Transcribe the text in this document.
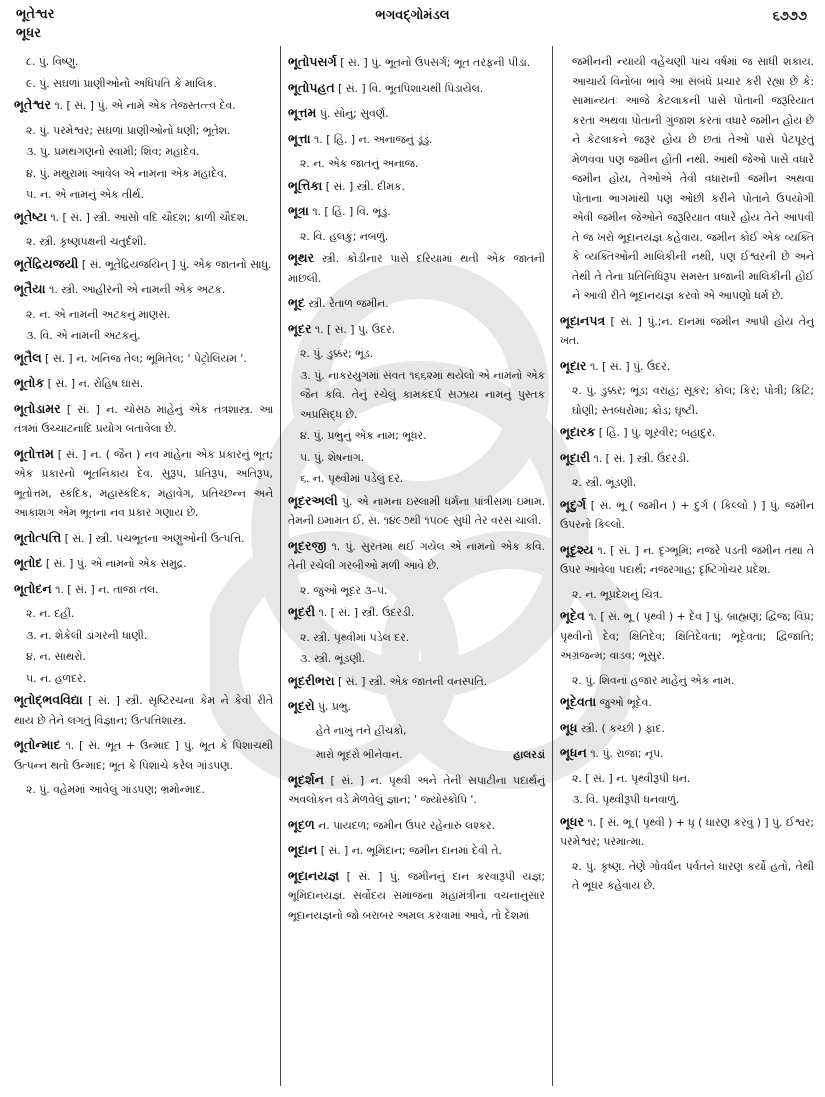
ભૂતેશ્વર
ભૂધર
ભગવદ્ગોમંડલ	૬૭૭૭
૮. પું. વિષ્ણુ.
૯. પું. સઘળાં પ્રાણીઓનો અધિપતિ કે માલિક.
ભૂતેશ્વર ૧. [ સં. ] પું. એ નામે એક તેજસ્તત્ત્વ દેવ.
૨. પું. પરમેશ્વર; સઘળાં પ્રાણીઓનો ધણી; ભૂતેશ.
૩. પું. પ્રમથગણનો સ્વામી; શિવ; મહાદેવ.
૪. પું. મથુરામાં આવેલ એ નામના એક મહાદેવ.
૫. ન. એ નામનું એક તીર્થ.
ભૂતેષ્ટા ૧. [ સં. ] સ્ત્રી. આસો વદિ ચૌદશ; કાળી ચૌદશ.
૨. સ્ત્રી. કૃષ્ણપક્ષની ચતુર્દશી.
ભૂતેંદ્રિયજયી [ સં. ભૂતેંદ્રિયજયિન્ ] પું. એક જાતનો સાધુ.
ભૂતૈયા ૧. સ્ત્રી. આહીરની એ નામની એક અટક.
૨. ન. એ નામની અટકનું માણસ.
૩. વિ. એ નામની અટકનું.
ભૂતૈલ [ સં. ] ન. ખનિજ તેલ; ભૂમિતેલ; ' પેટ્રોલિયમ '.
ભૂતોક [ સં. ] ન. રોહિષ ઘાસ.
ભૂતોડામર [ સં. ] ન. ચોસઠ માંહેનું એક તંત્રશાસ્ત્ર. આ તંત્રમાં ઉચ્ચાટનાદિ પ્રયોગ બતાવેલા છે.
ભૂતોત્તમ [ સં. ] ન. ( જૈન ) નવ માંહેના એક પ્રકારનું ભૂત; એક પ્રકારનો ભૂતનિકાય દેવ. સુરૂપ, પ્રતિરૂપ, અતિરૂપ, ભૂતોત્તમ, સ્કંદિક, મહાસ્કંદિક, મહાવેગ, પ્રતિચ્છન્ન અને આકાશગ એમ ભૂતના નવ પ્રકાર ગણાય છે.
ભૂતોત્પત્તિ [ સં. ] સ્ત્રી. પંચભૂતના અણુઓની ઉત્પત્તિ.
ભૂતોદ [ સં. ] પું. એ નામનો એક સમુદ્ર.
ભૂતોદન ૧. [ સં. ] ન. તાજા તલ.
૨. ન. દહીં.
૩. ન. શેકેલી ડાંગરની ધાણી.
૪. ન. સાથરો.
૫. ન. હળદર.
ભૂતોદ્ભવવિદ્યા [ સં. ] સ્ત્રી. સૃષ્ટિરચના કેમ ને કેવી રીતે થાય છે તેને લગતું વિજ્ઞાન; ઉત્પત્તિશાસ્ત્ર.
ભૂતોન્માદ ૧. [ સં. ભૂત + ઉન્માદ ] પું. ભૂત કે પિશાચથી ઉત્પન્ન થતો ઉન્માદ; ભૂત કે પિશાચે કરેલ ગાંડપણ.
૨. પું. વહેમમાં આવેલું ગાંડપણ; ભ્રમોન્માદ.
ભૂતોપસર્ગ [ સં. ] પું. ભૂતનો ઉપસર્ગ; ભૂત તરફની પીડા.
ભૂતોપહત [ સં. ] વિ. ભૂતપિશાચથી પિડાયેલ.
ભૂત્તમ પું. સોનું; સુવર્ણ.
ભૂત્તા ૧. [ હિં. ] ન. અનાજનું ડૂંડું.
૨. ન. એક જાતનું અનાજ.
ભૂત્તિકા [ સં. ] સ્ત્રી. દીમક.
ભૂત્રા ૧. [ હિં. ] વિ. ભૂંડું.
૨. વિ. હલકું; નબળું.
ભૂથર સ્ત્રી. કોડીનાર પાસે દરિયામાં થતી એક જાતની માછલી.
ભૂદ સ્ત્રી. રેતાળ જમીન.
ભૂદર ૧. [ સં. ] પું. ઉદર.
૨. પું. ડુક્કર; ભૂંડ.
૩. પું. નાકરયુગમાં સંવત ૧૬૬૨માં થયેલો એ નામનો એક જૈન કવિ. તેનું રચેલું કામકંદર્પ સઝાય નામનું પુસ્તક અપ્રસિદ્ધ છે.
૪. પું. પ્રભુનું એક નામ; ભૂધર.
૫. પું. શેષનાગ.
૬. ન. પૃથ્વીમાં પડેલું દર.
ભૂદરઅલી પું. એ નામના ઇસ્લામી ધર્મના પાંત્રીસમા ઇમામ. તેમની ઇમામત ઈ. સ. ૧૪૯૭થી ૧૫૦૯ સુધી તેર વરસ ચાલી.
ભૂદરજી ૧. પું. સુરતમાં થઈ ગયેલ એ નામનો એક કવિ. તેની રચેલી ગરબીઓ મળી આવે છે.
૨. જુઓ ભૂદર ૩–૫.
ભૂદરી ૧. [ સં. ] સ્ત્રી. ઉંદરડી.
૨. સ્ત્રી. પૃથ્વીમાં પડેલ દર.
૩. સ્ત્રી. ભૂંડણી.
ભૂદરીભરા [ સં. ] સ્ત્રી. એક જાતની વનસ્પતિ.
ભૂદરો પું. પ્રભુ.
હેતે નાખું તને હીંચકો,
મારો ભૂદરો ભીનેવાન.	હાલરડાં
ભૂદર્શન [ સં. ] ન. પૃથ્વી અને તેની સપાટીના પદાર્થનું અવલોકન વડે મેળવેલું જ્ઞાન; ' જ્યોસ્કોપિ '.
ભૂદળ ન. પાયદળ; જમીન ઉપર રહેનારું લશ્કર.
ભૂદાન [ સં. ] ન. ભૂમિદાન; જમીન દાનમાં દેવી તે.
ભૂદાનયજ્ઞ [ સં. ] પું. જમીનનું દાન કરવારૂપી યજ્ઞ; ભૂમિદાનયજ્ઞ. સર્વોદય સમાજના મહામંત્રીના વચનાનુસાર ભૂદાનયજ્ઞનો જો બરાબર અમલ કરવામાં આવે, તો દેશમાં
જમીનની ન્યાયી વહેંચણી પાંચ વર્ષમાં જ સાધી શકાય. આચાર્ય વિનોબા ભાવે આ સંબંધે પ્રચાર કરી રહ્યા છે કે: સામાન્યતઃ આજે કેટલાકની પાસે પોતાની જરૂરિયાત કરતાં અથવા પોતાની ગુંજાશ કરતાં વધારે જમીન હોય છે ને કેટલાકને જરૂર હોય છે છતાં તેઓ પાસે પેટપૂરતું મેળવવા પણ જમીન હોતી નથી. આથી જેઓ પાસે વધારે જમીન હોય, તેઓએ તેવી વધારાની જમીન અથવા પોતાના ભાગમાંથી પણ ઓછી કરીને પોતાને ઉપયોગી એવી જમીન જેઓને જરૂરિયાત વધારે હોય તેને આપવી તે જ ખરો ભૂદાનયજ્ઞ કહેવાય. જમીન કોઈ એક વ્યક્તિ કે વ્યક્તિઓની માલિકીની નથી, પણ ઈશ્વરની છે અને તેથી તે તેના પ્રતિનિધિરૂપ સમસ્ત પ્રજાની માલિકીની હોઈ ને આવી રીતે ભૂદાનયજ્ઞ કરવો એ આપણો ધર્મ છે.
ભૂદાનપત્ર [ સં. ] પું.;ન. દાનમાં જમીન આપી હોય તેનું ખત.
ભૂદાર ૧. [ સં. ] પું. ઉંદર.
૨. પું. ડુક્કર; ભૂંડ; વરાહ; સૂકર; કોલ; કિર; પોત્રી; કિટિ; ઘોણી; સ્તબ્ધરોમા; ક્રોડ; ઘૃષ્ટી.
ભૂદારક [ હિં. ] પું. શૂરવીર; બહાદુર.
ભૂદારી ૧. [ સં. ] સ્ત્રી. ઉંદરડી.
૨. સ્ત્રી. ભૂંડણી.
ભૂદુર્ગ [ સં. ભૂ ( જમીન ) + દુર્ગ ( કિલ્લો ) ] પું. જમીન ઉપરનો કિલ્લો.
ભૂદૃશ્ય ૧. [ સં. ] ન. દૃગ્ભૂમિ; નજરે પડતી જમીન તથા તે ઉપર આવેલા પદાર્થ; નજરગાહ; દૃષ્ટિગોચર પ્રદેશ.
૨. ન. ભૂપ્રદેશનું ચિત્ર.
ભૂદેવ ૧. [ સં. ભૂ ( પૃથ્વી ) + દેવ ] પું. બ્રાહ્મણ; દ્વિજ; વિપ્ર; પૃથ્વીનો દેવ; ક્ષિતિદેવ; ક્ષિતિદેવતા; ભૂદેવતા; દ્વિજાતિ; અગ્રજન્મ; વાડવ; ભૂસુર.
૨. પું. શિવનાં હજાર માંહેનું એક નામ.
ભૂદેવતા જુઓ ભૂદેવ.
ભૂધ સ્ત્રી. ( કચ્છી ) ફાંદ.
ભૂધન ૧. પું. રાજા; નૃપ.
૨. [ સં. ] ન. પૃથ્વીરૂપી ધન.
૩. વિ. પૃથ્વીરૂપી ધનવાળું.
ભૂધર ૧. [ સં. ભૂ ( પૃથ્વી ) + ધૃ ( ધારણ કરવું ) ] પું. ઈશ્વર; પરમેશ્વર; પરમાત્મા.
૨. પું. કૃષ્ણ. તેણે ગોવર્ધન પર્વતને ધારણ કર્યો હતો, તેથી તે ભૂધર કહેવાય છે.
